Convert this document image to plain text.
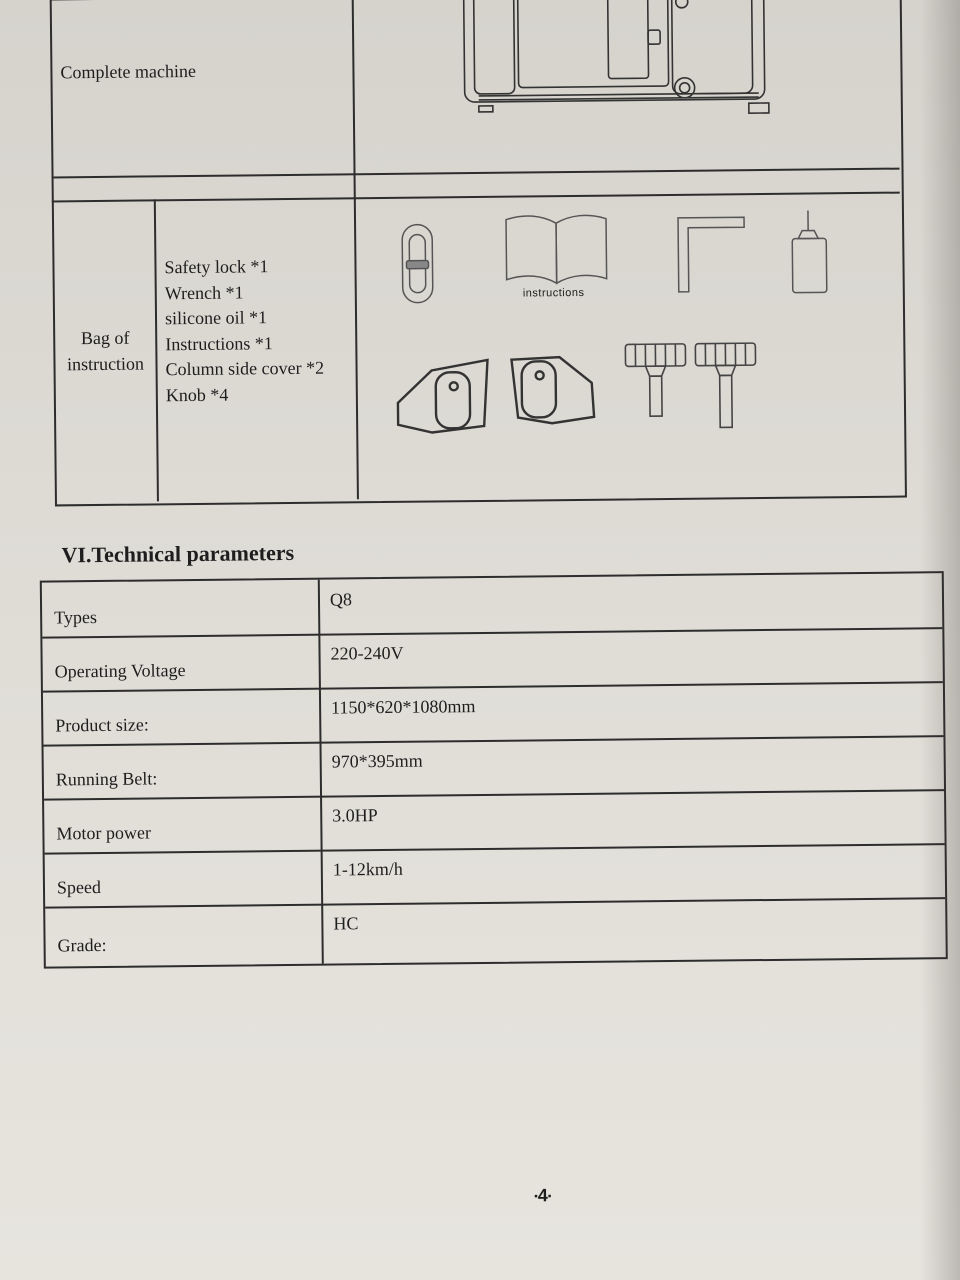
Complete machine
Bag of instruction
Safety lock *1
Wrench *1
silicone oil *1
Instructions *1
Column side cover *2
Knob *4
instructions
VI.Technical parameters
Types
Q8
Operating Voltage
220-240V
Product size:
1150*620*1080mm
Running Belt:
970*395mm
Motor power
3.0HP
Speed
1-12km/h
Grade:
HC
▪4▪
